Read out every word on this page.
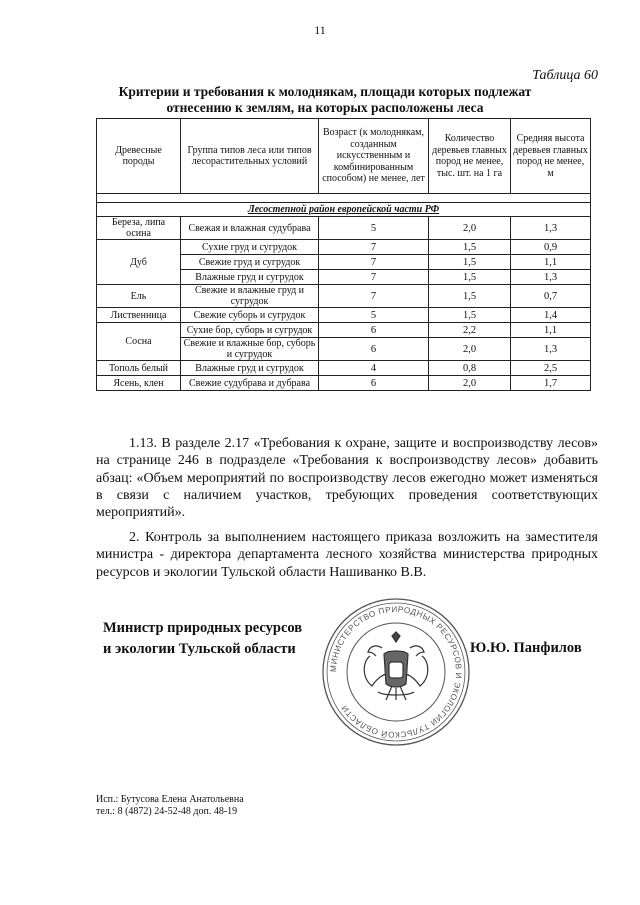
11
Таблица 60
Критерии и требования к молоднякам, площади которых подлежат отнесению к землям, на которых расположены леса
Древесные породы	Группа типов леса или типов лесорастительных условий	Возраст (к молоднякам, созданным искусственным и комбинированным способом) не менее, лет	Количество деревьев главных пород не менее, тыс. шт. на 1 га	Средняя высота деревьев главных пород не менее, м

Лесостепной район европейской части РФ				
Береза, липа осина	Свежая и влажная судубрава	5	2,0	1,3
Дуб	Сухие груд и сугрудок	7	1,5	0,9
	Свежие груд и сугрудок	7	1,5	1,1
	Влажные груд и сугрудок	7	1,5	1,3
Ель	Свежие и влажные груд и сугрудок	7	1,5	0,7
Лиственница	Свежие суборь и сугрудок	5	1,5	1,4
Сосна	Сухие бор, суборь и сугрудок	6	2,2	1,1
	Свежие и влажные бор, суборь и сугрудок	6	2,0	1,3
Тополь белый	Влажные груд и сугрудок	4	0,8	2,5
Ясень, клен	Свежие судубрава и дубрава	6	2,0	1,7
1.13. В разделе 2.17 «Требования к охране, защите и воспроизводству лесов» на странице 246 в подразделе «Требования к воспроизводству лесов» добавить абзац: «Объем мероприятий по воспроизводству лесов ежегодно может изменяться в связи с наличием участков, требующих проведения соответствующих мероприятий».
2. Контроль за выполнением настоящего приказа возложить на заместителя министра - директора департамента лесного хозяйства министерства природных ресурсов и экологии Тульской области Нашиванко В.В.
Министр природных ресурсов
и экологии Тульской области
МИНИСТЕРСТВО ПРИРОДНЫХ РЕСУРСОВ И ЭКОЛОГИИ ТУЛЬСКОЙ ОБЛАСТИ
Ю.Ю. Панфилов
Исп.: Бутусова Елена Анатольевна
тел.: 8 (4872) 24-52-48 доп. 48-19
